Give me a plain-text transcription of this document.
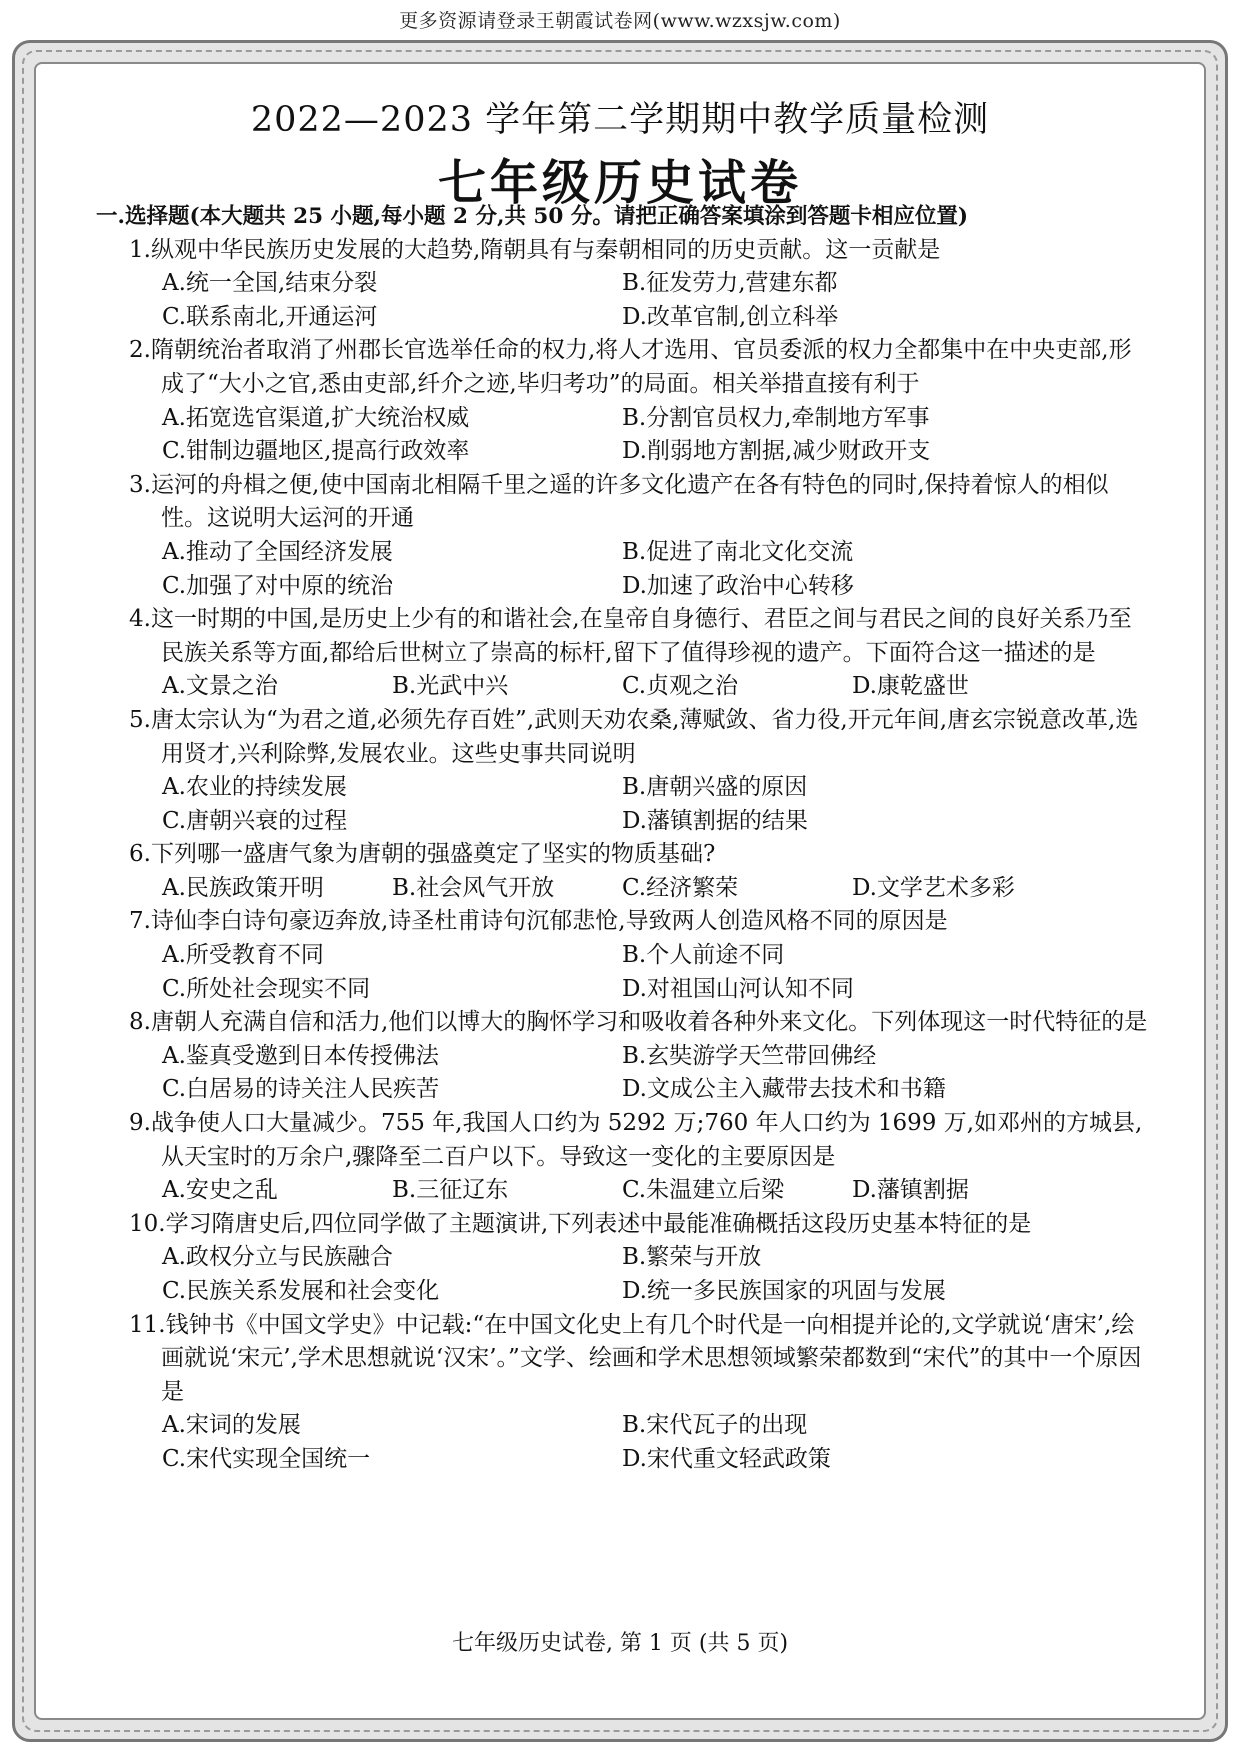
更多资源请登录王朝霞试卷网(www.wzxsjw.com)
2022—2023 学年第二学期期中教学质量检测
七年级历史试卷
一.选择题(本大题共 25 小题,每小题 2 分,共 50 分。请把正确答案填涂到答题卡相应位置)
1.纵观中华民族历史发展的大趋势,隋朝具有与秦朝相同的历史贡献。这一贡献是
A.统一全国,结束分裂	B.征发劳力,营建东都
C.联系南北,开通运河	D.改革官制,创立科举
2.隋朝统治者取消了州郡长官选举任命的权力,将人才选用、官员委派的权力全都集中在中央吏部,形成了“大小之官,悉由吏部,纤介之迹,毕归考功”的局面。相关举措直接有利于
A.拓宽选官渠道,扩大统治权威	B.分割官员权力,牵制地方军事
C.钳制边疆地区,提高行政效率	D.削弱地方割据,减少财政开支
3.运河的舟楫之便,使中国南北相隔千里之遥的许多文化遗产在各有特色的同时,保持着惊人的相似性。这说明大运河的开通
A.推动了全国经济发展	B.促进了南北文化交流
C.加强了对中原的统治	D.加速了政治中心转移
4.这一时期的中国,是历史上少有的和谐社会,在皇帝自身德行、君臣之间与君民之间的良好关系乃至民族关系等方面,都给后世树立了崇高的标杆,留下了值得珍视的遗产。下面符合这一描述的是
A.文景之治	B.光武中兴	C.贞观之治	D.康乾盛世
5.唐太宗认为“为君之道,必须先存百姓”,武则天劝农桑,薄赋敛、省力役,开元年间,唐玄宗锐意改革,选用贤才,兴利除弊,发展农业。这些史事共同说明
A.农业的持续发展	B.唐朝兴盛的原因
C.唐朝兴衰的过程	D.藩镇割据的结果
6.下列哪一盛唐气象为唐朝的强盛奠定了坚实的物质基础?
A.民族政策开明	B.社会风气开放	C.经济繁荣	D.文学艺术多彩
7.诗仙李白诗句豪迈奔放,诗圣杜甫诗句沉郁悲怆,导致两人创造风格不同的原因是
A.所受教育不同	B.个人前途不同
C.所处社会现实不同	D.对祖国山河认知不同
8.唐朝人充满自信和活力,他们以博大的胸怀学习和吸收着各种外来文化。下列体现这一时代特征的是
A.鉴真受邀到日本传授佛法	B.玄奘游学天竺带回佛经
C.白居易的诗关注人民疾苦	D.文成公主入藏带去技术和书籍
9.战争使人口大量减少。755 年,我国人口约为 5292 万;760 年人口约为 1699 万,如邓州的方城县,从天宝时的万余户,骤降至二百户以下。导致这一变化的主要原因是
A.安史之乱	B.三征辽东	C.朱温建立后梁	D.藩镇割据
10.学习隋唐史后,四位同学做了主题演讲,下列表述中最能准确概括这段历史基本特征的是
A.政权分立与民族融合	B.繁荣与开放
C.民族关系发展和社会变化	D.统一多民族国家的巩固与发展
11.钱钟书《中国文学史》中记载:“在中国文化史上有几个时代是一向相提并论的,文学就说‘唐宋’,绘画就说‘宋元’,学术思想就说‘汉宋’。”文学、绘画和学术思想领域繁荣都数到“宋代”的其中一个原因是
A.宋词的发展	B.宋代瓦子的出现
C.宋代实现全国统一	D.宋代重文轻武政策
七年级历史试卷, 第 1 页 (共 5 页)
